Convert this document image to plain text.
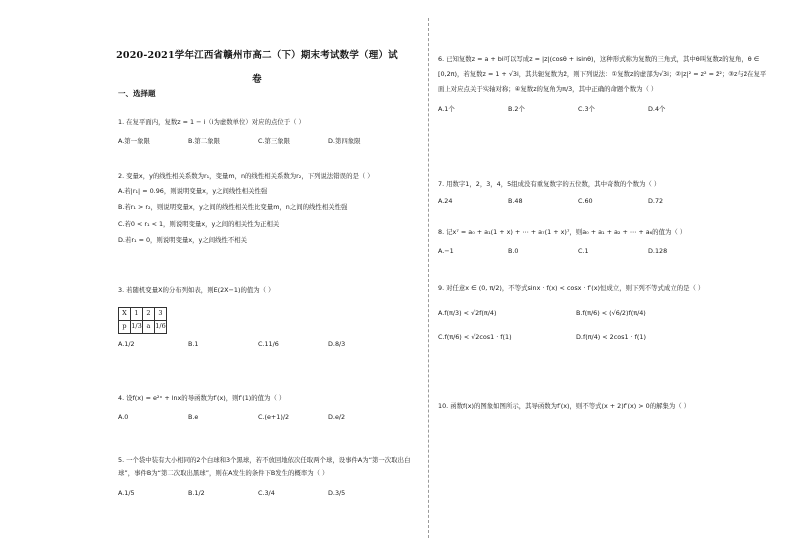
2020-2021学年江西省赣州市高二（下）期末考试数学（理）试
卷
一、选择题
1. 在复平面内，复数z = 1 − i（i为虚数单位）对应的点位于（ ）
A.第一象限	B.第二象限	C.第三象限	D.第四象限
2. 变量x，y的线性相关系数为r₁，变量m，n的线性相关系数为r₂，下列说法错误的是（ ）
A.若|r₁| = 0.96，则说明变量x，y之间线性相关性强
B.若r₁ > r₂，则说明变量x，y之间的线性相关性比变量m，n之间的线性相关性强
C.若0 < r₁ < 1，则说明变量x，y之间的相关性为正相关
D.若r₁ = 0，则说明变量x，y之间线性不相关
3. 若随机变量X的分布列如表，则E(2X−1)的值为（ ）
X	1	2	3
p	1/3	a	1/6
A.1/2	B.1	C.11/6	D.8/3
4. 设f(x) = e²ˣ + lnx的导函数为f′(x)，则f′(1)的值为（ ）
A.0	B.e	C.(e+1)/2	D.e/2
5. 一个袋中装有大小相同的2个白球和3个黑球，若不放回地依次任取两个球，设事件A为“第一次取出白球”，事件B为“第二次取出黑球”，则在A发生的条件下B发生的概率为（ ）
A.1/5	B.1/2	C.3/4	D.3/5
6. 已知复数z = a + bi可以写成z = |z|(cosθ + isinθ)，这种形式称为复数的三角式，其中θ叫复数z的复角，θ ∈ [0,2π)，若复数z = 1 + √3i，其共轭复数为z̄，则下列说法：①复数z的虚部为√3i；②|z|² = z² = z̄²；③z与z̄在复平面上对应点关于实轴对称；④复数z的复角为π/3，其中正确的命题个数为（ ）
A.1个	B.2个	C.3个	D.4个
7. 用数字1，2，3，4，5组成没有重复数字的五位数，其中奇数的个数为（ ）
A.24	B.48	C.60	D.72
8. 记x⁷ = a₀ + a₁(1 + x) + ⋯ + a₇(1 + x)⁷，则a₀ + a₁ + a₂ + ⋯ + a₆的值为（ ）
A.−1	B.0	C.1	D.128
9. 对任意x ∈ (0, π/2)，不等式sinx · f(x) < cosx · f′(x)恒成立，则下列不等式成立的是（ ）
A.f(π/3) < √2f(π/4)	B.f(π/6) < (√6/2)f(π/4)
C.f(π/6) < √2cos1 · f(1)	D.f(π/4) < 2cos1 · f(1)
10. 函数f(x)的图象如图所示，其导函数为f′(x)，则不等式(x + 2)f′(x) > 0的解集为（ ）
